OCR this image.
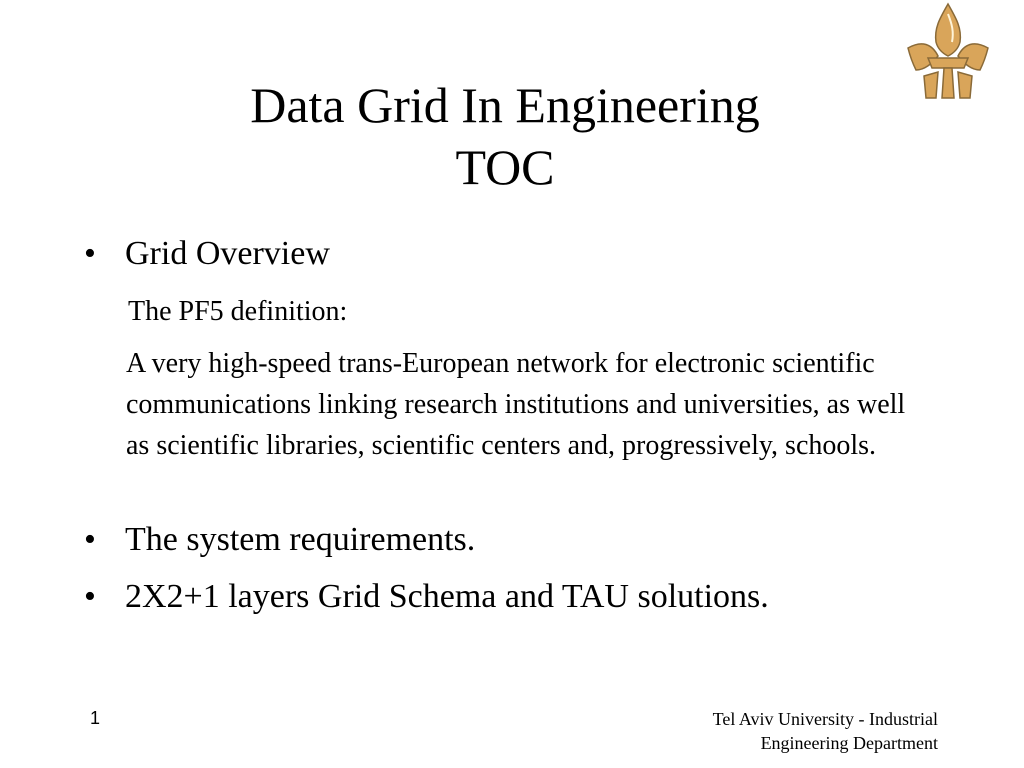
Data Grid In Engineering
TOC
• Grid Overview
The PF5 definition:
A very high-speed trans-European network for electronic scientific communications linking research institutions and universities, as well as scientific libraries, scientific centers and, progressively, schools.
• The system requirements.
• 2X2+1 layers Grid Schema and TAU solutions.
1	Tel Aviv University - Industrial Engineering Department
